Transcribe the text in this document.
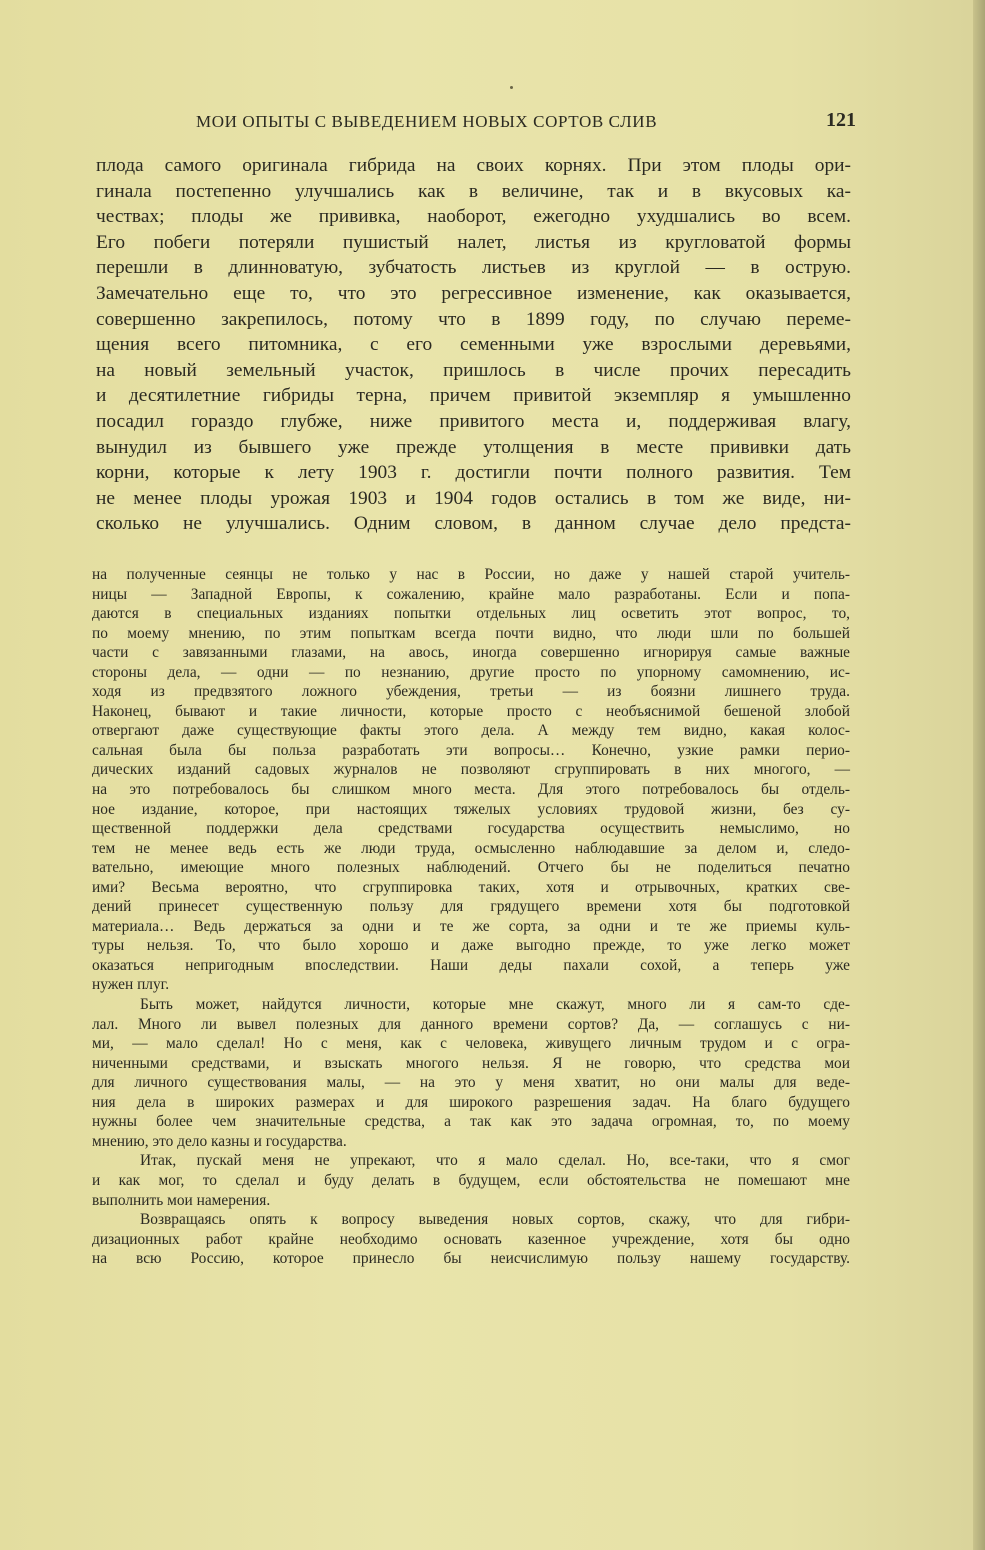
МОИ ОПЫТЫ С ВЫВЕДЕНИЕМ НОВЫХ СОРТОВ СЛИВ	121
плода самого оригинала гибрида на своих корнях. При этом плоды ори-
гинала постепенно улучшались как в величине, так и в вкусовых ка-
чествах; плоды же прививка, наоборот, ежегодно ухудшались во всем.
Его побеги потеряли пушистый налет, листья из кругловатой формы
перешли в длинноватую, зубчатость листьев из круглой — в острую.
Замечательно еще то, что это регрессивное изменение, как оказывается,
совершенно закрепилось, потому что в 1899 году, по случаю переме-
щения всего питомника, с его семенными уже взрослыми деревьями,
на новый земельный участок, пришлось в числе прочих пересадить
и десятилетние гибриды терна, причем привитой экземпляр я умышленно
посадил гораздо глубже, ниже привитого места и, поддерживая влагу,
вынудил из бывшего уже прежде утолщения в месте прививки дать
корни, которые к лету 1903 г. достигли почти полного развития. Тем
не менее плоды урожая 1903 и 1904 годов остались в том же виде, ни-
сколько не улучшались. Одним словом, в данном случае дело предста-
на полученные сеянцы не только у нас в России, но даже у нашей старой учитель-
ницы — Западной Европы, к сожалению, крайне мало разработаны. Если и попа-
даются в специальных изданиях попытки отдельных лиц осветить этот вопрос, то,
по моему мнению, по этим попыткам всегда почти видно, что люди шли по большей
части с завязанными глазами, на авось, иногда совершенно игнорируя самые важные
стороны дела, — одни — по незнанию, другие просто по упорному самомнению, ис-
ходя из предвзятого ложного убеждения, третьи — из боязни лишнего труда.
Наконец, бывают и такие личности, которые просто с необъяснимой бешеной злобой
отвергают даже существующие факты этого дела. А между тем видно, какая колос-
сальная была бы польза разработать эти вопросы… Конечно, узкие рамки перио-
дических изданий садовых журналов не позволяют сгруппировать в них многого, —
на это потребовалось бы слишком много места. Для этого потребовалось бы отдель-
ное издание, которое, при настоящих тяжелых условиях трудовой жизни, без су-
щественной поддержки дела средствами государства осуществить немыслимо, но
тем не менее ведь есть же люди труда, осмысленно наблюдавшие за делом и, следо-
вательно, имеющие много полезных наблюдений. Отчего бы не поделиться печатно
ими? Весьма вероятно, что сгруппировка таких, хотя и отрывочных, кратких све-
дений принесет существенную пользу для грядущего времени хотя бы подготовкой
материала… Ведь держаться за одни и те же сорта, за одни и те же приемы куль-
туры нельзя. То, что было хорошо и даже выгодно прежде, то уже легко может
оказаться непригодным впоследствии. Наши деды пахали сохой, а теперь уже
нужен плуг.
Быть может, найдутся личности, которые мне скажут, много ли я сам-то сде-
лал. Много ли вывел полезных для данного времени сортов? Да, — соглашусь с ни-
ми, — мало сделал! Но с меня, как с человека, живущего личным трудом и с огра-
ниченными средствами, и взыскать многого нельзя. Я не говорю, что средства мои
для личного существования малы, — на это у меня хватит, но они малы для веде-
ния дела в широких размерах и для широкого разрешения задач. На благо будущего
нужны более чем значительные средства, а так как это задача огромная, то, по моему
мнению, это дело казны и государства.
Итак, пускай меня не упрекают, что я мало сделал. Но, все-таки, что я смог
и как мог, то сделал и буду делать в будущем, если обстоятельства не помешают мне
выполнить мои намерения.
Возвращаясь опять к вопросу выведения новых сортов, скажу, что для гибри-
дизационных работ крайне необходимо основать казенное учреждение, хотя бы одно
на всю Россию, которое принесло бы неисчислимую пользу нашему государству.
